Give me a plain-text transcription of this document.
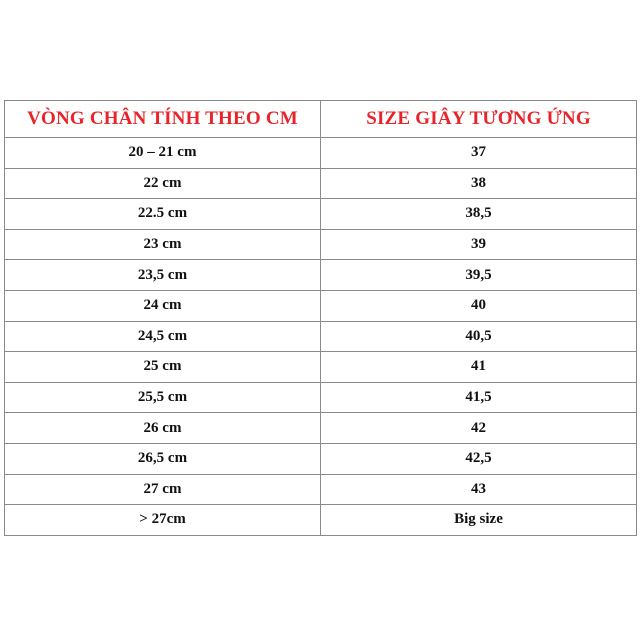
VÒNG CHÂN TÍNH THEO CM	SIZE GIÂY TƯƠNG ỨNG
20 – 21 cm	37
22 cm	38
22.5 cm	38,5
23 cm	39
23,5 cm	39,5
24 cm	40
24,5 cm	40,5
25 cm	41
25,5 cm	41,5
26 cm	42
26,5 cm	42,5
27 cm	43
> 27cm	Big size
